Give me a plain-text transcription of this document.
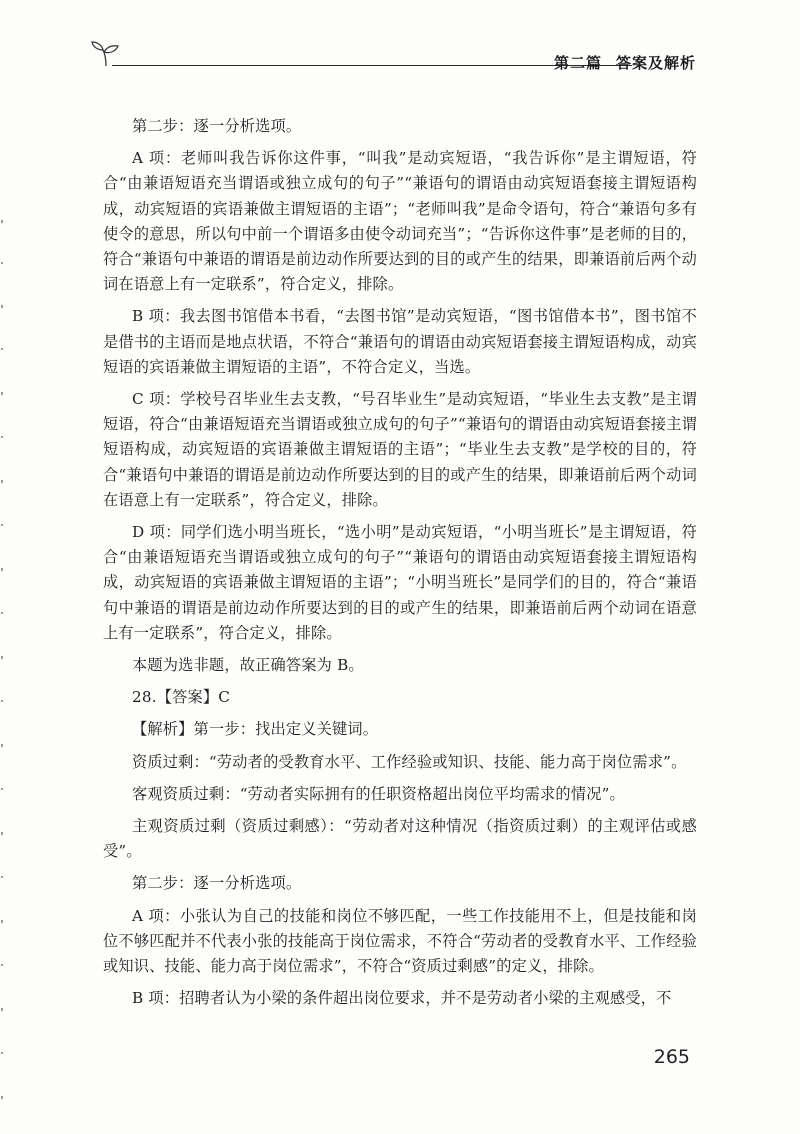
第二篇 答案及解析

第二步：逐一分析选项。

A 项：老师叫我告诉你这件事，“叫我”是动宾短语，“我告诉你”是主谓短语，符合“由兼语短语充当谓语或独立成句的句子”“兼语句的谓语由动宾短语套接主谓短语构成，动宾短语的宾语兼做主谓短语的主语”；“老师叫我”是命令语句，符合“兼语句多有使令的意思，所以句中前一个谓语多由使令动词充当”；“告诉你这件事”是老师的目的，符合“兼语句中兼语的谓语是前边动作所要达到的目的或产生的结果，即兼语前后两个动词在语意上有一定联系”，符合定义，排除。

B 项：我去图书馆借本书看，“去图书馆”是动宾短语，“图书馆借本书”，图书馆不是借书的主语而是地点状语，不符合“兼语句的谓语由动宾短语套接主谓短语构成，动宾短语的宾语兼做主谓短语的主语”，不符合定义，当选。

C 项：学校号召毕业生去支教，“号召毕业生”是动宾短语，“毕业生去支教”是主谓短语，符合“由兼语短语充当谓语或独立成句的句子”“兼语句的谓语由动宾短语套接主谓短语构成，动宾短语的宾语兼做主谓短语的主语”；“毕业生去支教”是学校的目的，符合“兼语句中兼语的谓语是前边动作所要达到的目的或产生的结果，即兼语前后两个动词在语意上有一定联系”，符合定义，排除。

D 项：同学们选小明当班长，“选小明”是动宾短语，“小明当班长”是主谓短语，符合“由兼语短语充当谓语或独立成句的句子”“兼语句的谓语由动宾短语套接主谓短语构成，动宾短语的宾语兼做主谓短语的主语”；“小明当班长”是同学们的目的，符合“兼语句中兼语的谓语是前边动作所要达到的目的或产生的结果，即兼语前后两个动词在语意上有一定联系”，符合定义，排除。

本题为选非题，故正确答案为 B。

28.【答案】C

【解析】第一步：找出定义关键词。

资质过剩：“劳动者的受教育水平、工作经验或知识、技能、能力高于岗位需求”。

客观资质过剩：“劳动者实际拥有的任职资格超出岗位平均需求的情况”。

主观资质过剩（资质过剩感）：“劳动者对这种情况（指资质过剩）的主观评估或感受”。

第二步：逐一分析选项。

A 项：小张认为自己的技能和岗位不够匹配，一些工作技能用不上，但是技能和岗位不够匹配并不代表小张的技能高于岗位需求，不符合“劳动者的受教育水平、工作经验或知识、技能、能力高于岗位需求”，不符合“资质过剩感”的定义，排除。

B 项：招聘者认为小梁的条件超出岗位要求，并不是劳动者小梁的主观感受，不

265
